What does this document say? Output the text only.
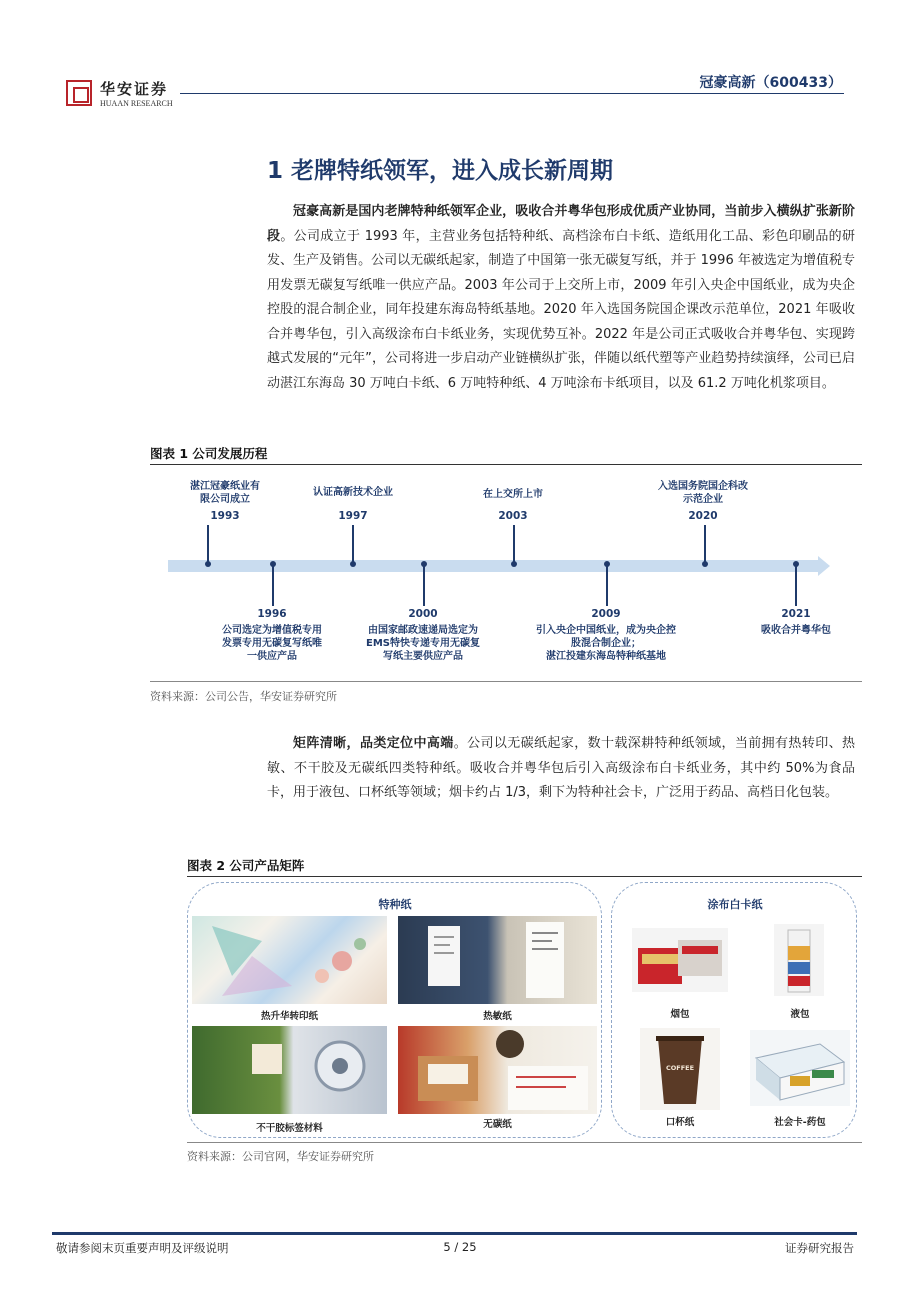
华安证券
HUAAN RESEARCH
冠豪高新（600433）
1 老牌特纸领军，进入成长新周期
冠豪高新是国内老牌特种纸领军企业，吸收合并粤华包形成优质产业协同，当前步入横纵扩张新阶段。公司成立于 1993 年，主营业务包括特种纸、高档涂布白卡纸、造纸用化工品、彩色印刷品的研发、生产及销售。公司以无碳纸起家，制造了中国第一张无碳复写纸，并于 1996 年被选定为增值税专用发票无碳复写纸唯一供应产品。2003 年公司于上交所上市，2009 年引入央企中国纸业，成为央企控股的混合制企业，同年投建东海岛特纸基地。2020 年入选国务院国企课改示范单位，2021 年吸收合并粤华包，引入高级涂布白卡纸业务，实现优势互补。2022 年是公司正式吸收合并粤华包、实现跨越式发展的“元年”，公司将进一步启动产业链横纵扩张，伴随以纸代塑等产业趋势持续演绎，公司已启动湛江东海岛 30 万吨白卡纸、6 万吨特种纸、4 万吨涂布卡纸项目，以及 61.2 万吨化机浆项目。
图表 1 公司发展历程
湛江冠豪纸业有
限公司成立
1993
认证高新技术企业
1997
在上交所上市
2003
入选国务院国企科改
示范企业
2020
1996
公司选定为增值税专用
发票专用无碳复写纸唯
一供应产品
2000
由国家邮政速递局选定为
EMS特快专递专用无碳复
写纸主要供应产品
2009
引入央企中国纸业，成为央企控
股混合制企业；
湛江投建东海岛特种纸基地
2021
吸收合并粤华包
资料来源：公司公告，华安证券研究所
矩阵清晰，品类定位中高端。公司以无碳纸起家，数十载深耕特种纸领域，当前拥有热转印、热敏、不干胶及无碳纸四类特种纸。吸收合并粤华包后引入高级涂布白卡纸业务，其中约 50%为食品卡，用于液包、口杯纸等领域；烟卡约占 1/3，剩下为特种社会卡，广泛用于药品、高档日化包装。
图表 2 公司产品矩阵
特种纸	涂布白卡纸
热升华转印纸	热敏纸
不干胶标签材料	无碳纸
烟包	液包
COFFEE
口杯纸	社会卡-药包
资料来源：公司官网，华安证券研究所
敬请参阅末页重要声明及评级说明	5 / 25	证券研究报告
